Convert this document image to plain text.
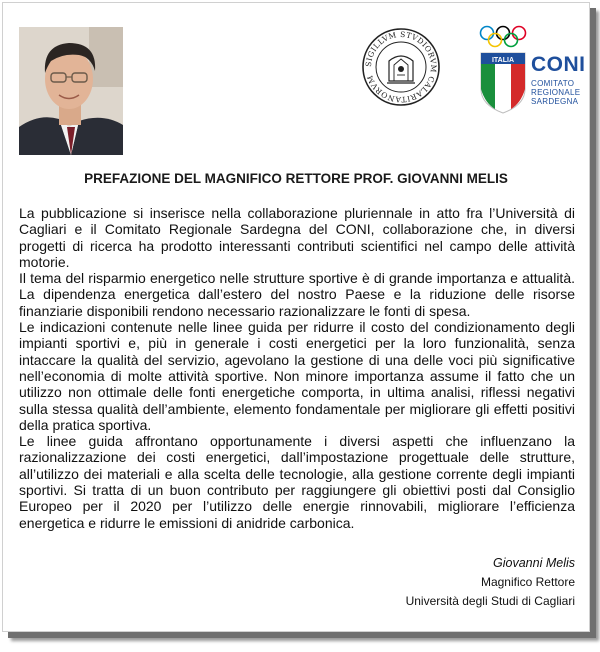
SIGILLVM STVDIORVM CALARITANORVM
ITALIA CONI
COMITATO
REGIONALE
SARDEGNA
PREFAZIONE DEL MAGNIFICO RETTORE PROF. GIOVANNI MELIS

La pubblicazione si inserisce nella collaborazione pluriennale in atto fra l’Università di Cagliari e il Comitato Regionale Sardegna del CONI, collaborazione che, in diversi progetti di ricerca ha prodotto interessanti contributi scientifici nel campo delle attività motorie.

Il tema del risparmio energetico nelle strutture sportive è di grande importanza e attualità. La dipendenza energetica dall’estero del nostro Paese e la riduzione delle risorse finanziarie disponibili rendono necessario razionalizzare le fonti di spesa.

Le indicazioni contenute nelle linee guida per ridurre il costo del condizionamento degli impianti sportivi e, più in generale i costi energetici per la loro funzionalità, senza intaccare la qualità del servizio, agevolano la gestione di una delle voci più significative nell’economia di molte attività sportive. Non minore importanza assume il fatto che un utilizzo non ottimale delle fonti energetiche comporta, in ultima analisi, riflessi negativi sulla stessa qualità dell’ambiente, elemento fondamentale per migliorare gli effetti positivi della pratica sportiva.

Le linee guida affrontano opportunamente i diversi aspetti che influenzano la razionalizzazione dei costi energetici, dall’impostazione progettuale delle strutture, all’utilizzo dei materiali e alla scelta delle tecnologie, alla gestione corrente degli impianti sportivi. Si tratta di un buon contributo per raggiungere gli obiettivi posti dal Consiglio Europeo per il 2020 per l’utilizzo delle energie rinnovabili, migliorare l’efficienza energetica e ridurre le emissioni di anidride carbonica.

Giovanni Melis
Magnifico Rettore
Università degli Studi di Cagliari
